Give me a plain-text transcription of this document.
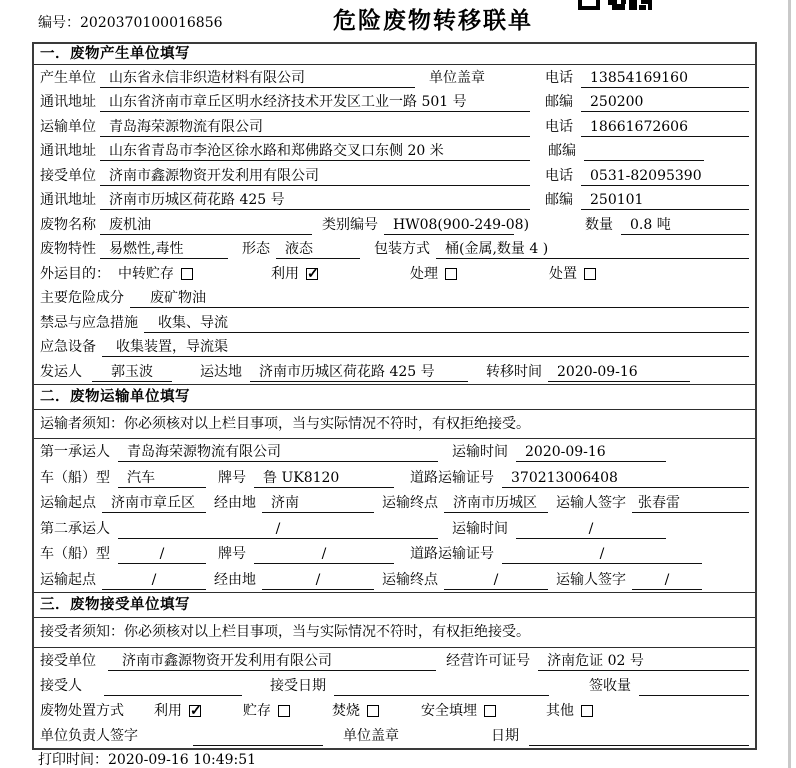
编号：2020370100016856	危险废物转移联单
一．废物产生单位填写
产生单位 山东省永信非织造材料有限公司	单位盖章	电话	13854169160
通讯地址 山东省济南市章丘区明水经济技术开发区工业一路 501 号	邮编	250200
运输单位 青岛海荣源物流有限公司	电话	18661672606
通讯地址 山东省青岛市李沧区徐水路和郑佛路交叉口东侧 20 米	邮编
接受单位 济南市鑫源物资开发利用有限公司	电话	0531-82095390
通讯地址 济南市历城区荷花路 425 号	邮编	250101
废物名称 废机油	类别编号	HW08(900-249-08)	数量	0.8 吨
废物特性 易燃性,毒性	形态	液态	包装方式	桶(金属,数量 4 )
外运目的： 中转贮存	利用 ✓	处理	处置
主要危险成分	废矿物油
禁忌与应急措施	收集、导流
应急设备	收集装置，导流渠
发运人	郭玉波	运达地	济南市历城区荷花路 425 号	转移时间	2020-09-16
二．废物运输单位填写
运输者须知：你必须核对以上栏目事项，当与实际情况不符时，有权拒绝接受。
第一承运人	青岛海荣源物流有限公司	运输时间	2020-09-16
车（船）型	汽车	牌号	鲁 UK8120	道路运输证号	370213006408
运输起点	济南市章丘区	经由地	济南	运输终点	济南市历城区	运输人签字 张春雷
第二承运人	/	运输时间	/
车（船）型	/	牌号	/	道路运输证号	/
运输起点	/	经由地	/	运输终点	/	运输人签字	/
三．废物接受单位填写
接受者须知：你必须核对以上栏目事项，当与实际情况不符时，有权拒绝接受。
接受单位	济南市鑫源物资开发利用有限公司	经营许可证号	济南危证 02 号
接受人	接受日期	签收量
废物处置方式 利用 ✓	贮存	焚烧	安全填埋	其他
单位负责人签字	单位盖章	日期
打印时间：2020-09-16 10:49:51
